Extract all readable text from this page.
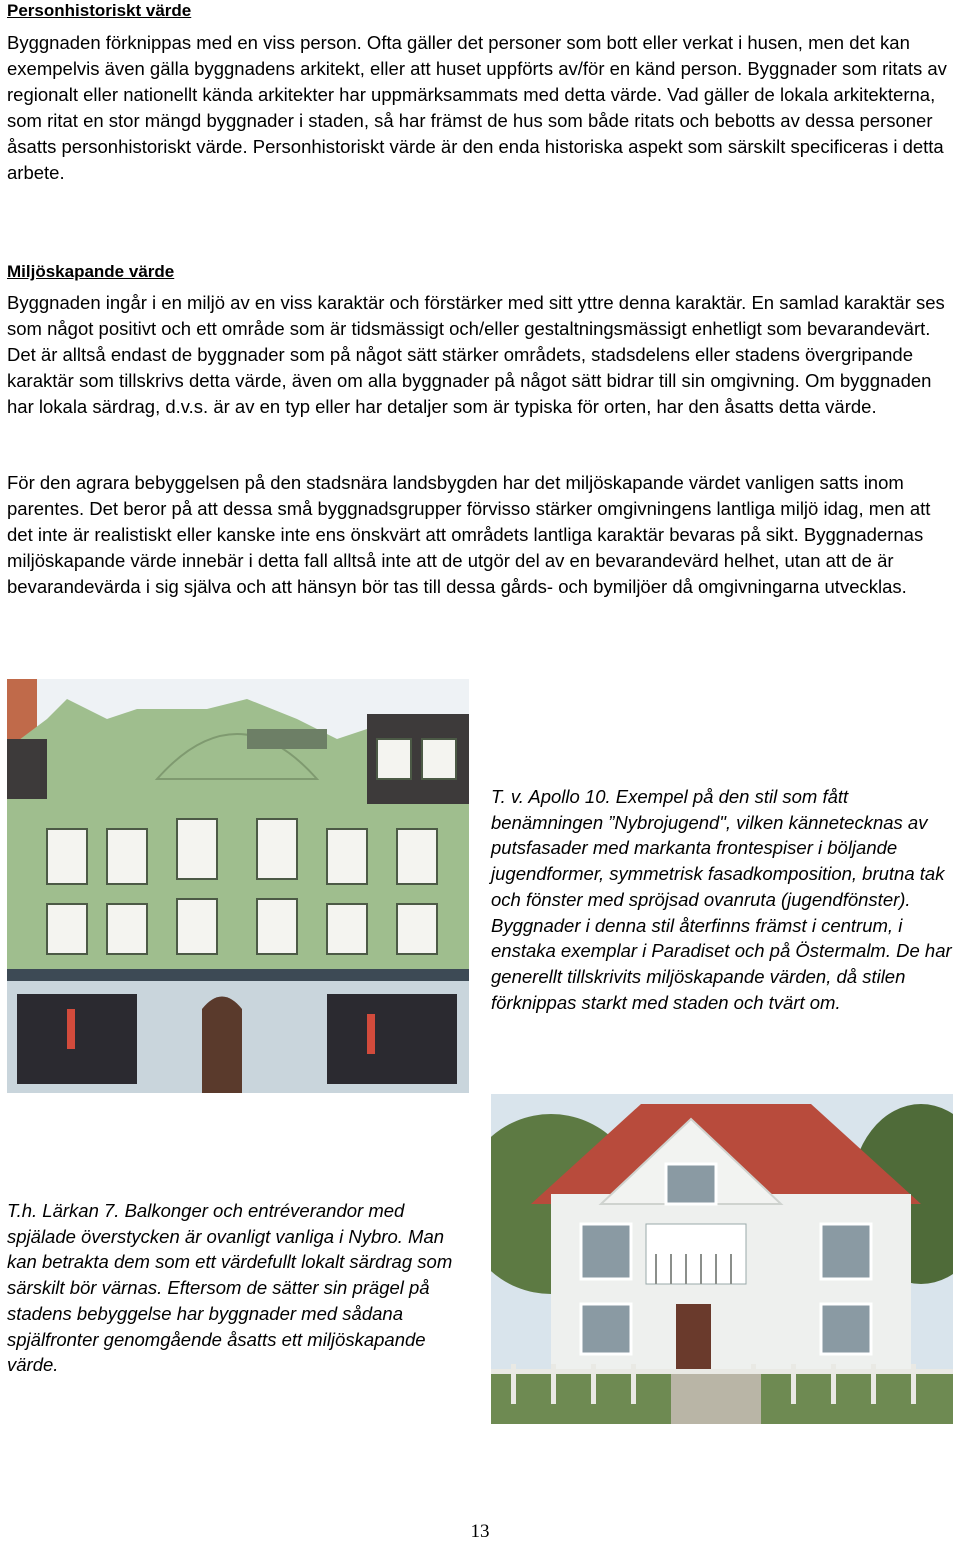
Personhistoriskt värde

Byggnaden förknippas med en viss person. Ofta gäller det personer som bott eller verkat i husen, men det kan exempelvis även gälla byggnadens arkitekt, eller att huset uppförts av/för en känd person. Byggnader som ritats av regionalt eller nationellt kända arkitekter har uppmärksammats med detta värde. Vad gäller de lokala arkitekterna, som ritat en stor mängd byggnader i staden, så har främst de hus som både ritats och bebotts av dessa personer åsatts personhistoriskt värde. Personhistoriskt värde är den enda historiska aspekt som särskilt specificeras i detta arbete.

Miljöskapande värde

Byggnaden ingår i en miljö av en viss karaktär och förstärker med sitt yttre denna karaktär. En samlad karaktär ses som något positivt och ett område som är tidsmässigt och/eller gestaltningsmässigt enhetligt som bevarandevärt. Det är alltså endast de byggnader som på något sätt stärker områdets, stadsdelens eller stadens övergripande karaktär som tillskrivs detta värde, även om alla byggnader på något sätt bidrar till sin omgivning. Om byggnaden har lokala särdrag, d.v.s. är av en typ eller har detaljer som är typiska för orten, har den åsatts detta värde.

För den agrara bebyggelsen på den stadsnära landsbygden har det miljöskapande värdet vanligen satts inom parentes. Det beror på att dessa små byggnadsgrupper förvisso stärker omgivningens lantliga miljö idag, men att det inte är realistiskt eller kanske inte ens önskvärt att områdets lantliga karaktär bevaras på sikt. Byggnadernas miljöskapande värde innebär i detta fall alltså inte att de utgör del av en bevarandevärd helhet, utan att de är bevarandevärda i sig själva och att hänsyn bör tas till dessa gårds- och bymiljöer då omgivningarna utvecklas.

T. v. Apollo 10. Exempel på den stil som fått benämningen ”Nybrojugend", vilken kännetecknas av putsfasader med markanta frontespiser i böljande jugendformer, symmetrisk fasadkomposition, brutna tak och fönster med spröjsad ovanruta (jugendfönster). Byggnader i denna stil återfinns främst i centrum, i enstaka exemplar i Paradiset och på Östermalm. De har generellt tillskrivits miljöskapande värden, då stilen förknippas starkt med staden och tvärt om.

T.h. Lärkan 7. Balkonger och entréverandor med spjälade överstycken är ovanligt vanliga i Nybro. Man kan betrakta dem som ett värdefullt lokalt särdrag som särskilt bör värnas. Eftersom de sätter sin prägel på stadens bebyggelse har byggnader med sådana spjälfronter genomgående åsatts ett miljöskapande värde.

13
